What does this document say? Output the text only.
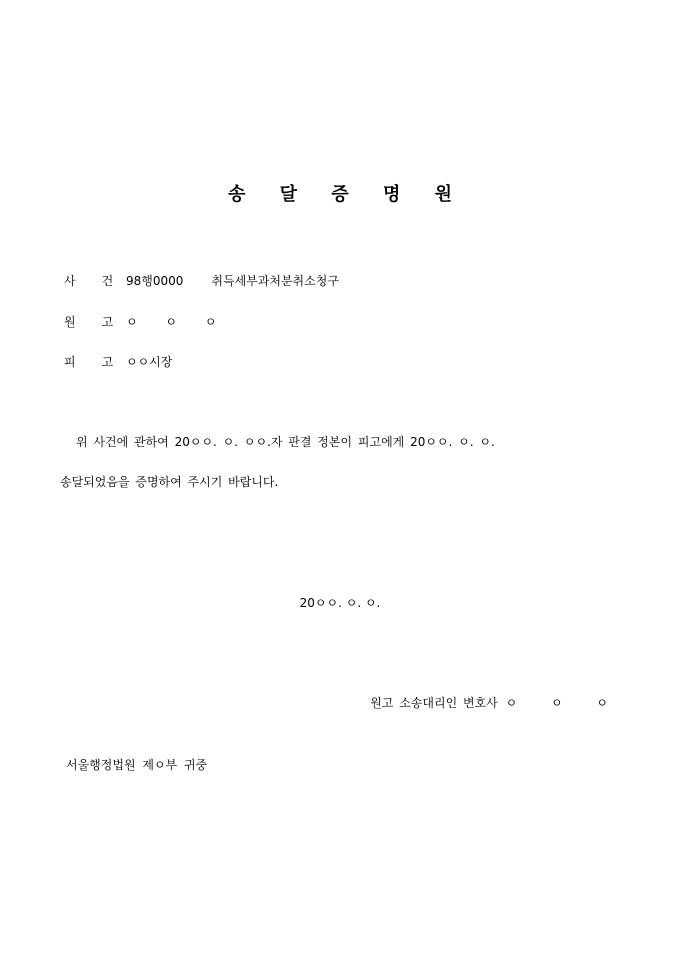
송 달 증 명 원
사건98행0000 취득세부과처분취소청구
원고ㅇ ㅇ ㅇ
피고ㅇㅇ시장
위 사건에 관하여 20ㅇㅇ. ㅇ. ㅇㅇ.자 판결 정본이 피고에게 20ㅇㅇ. ㅇ. ㅇ.
송달되었음을 증명하여 주시기 바랍니다.
20ㅇㅇ. ㅇ. ㅇ.
원고 소송대리인 변호사 ㅇ ㅇ ㅇ
서울행정법원 제ㅇ부 귀중
